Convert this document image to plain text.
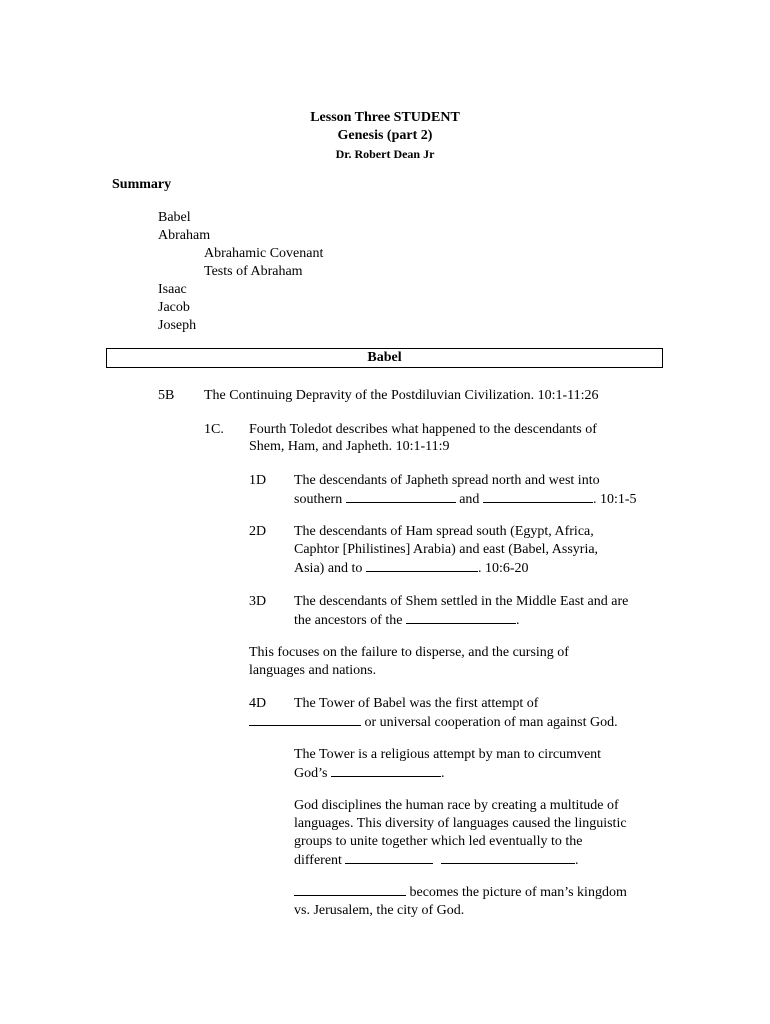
Lesson Three STUDENT
Genesis (part 2)
Dr. Robert Dean Jr
Summary
Babel
Abraham
Abrahamic Covenant
Tests of Abraham
Isaac
Jacob
Joseph
Babel
5B The Continuing Depravity of the Postdiluvian Civilization. 10:1-11:26
1C. Fourth Toledot describes what happened to the descendants of
Shem, Ham, and Japheth. 10:1-11:9
1D The descendants of Japheth spread north and west into
southern	and	. 10:1-5
2D The descendants of Ham spread south (Egypt, Africa,
Caphtor [Philistines] Arabia) and east (Babel, Assyria,
Asia) and to	. 10:6-20
3D The descendants of Shem settled in the Middle East and are
the ancestors of the	.
This focuses on the failure to disperse, and the cursing of
languages and nations.
4D The Tower of Babel was the first attempt of
or universal cooperation of man against God.
The Tower is a religious attempt by man to circumvent
God’s	.
God disciplines the human race by creating a multitude of
languages. This diversity of languages caused the linguistic
groups to unite together which led eventually to the
different	.
becomes the picture of man’s kingdom
vs. Jerusalem, the city of God.
